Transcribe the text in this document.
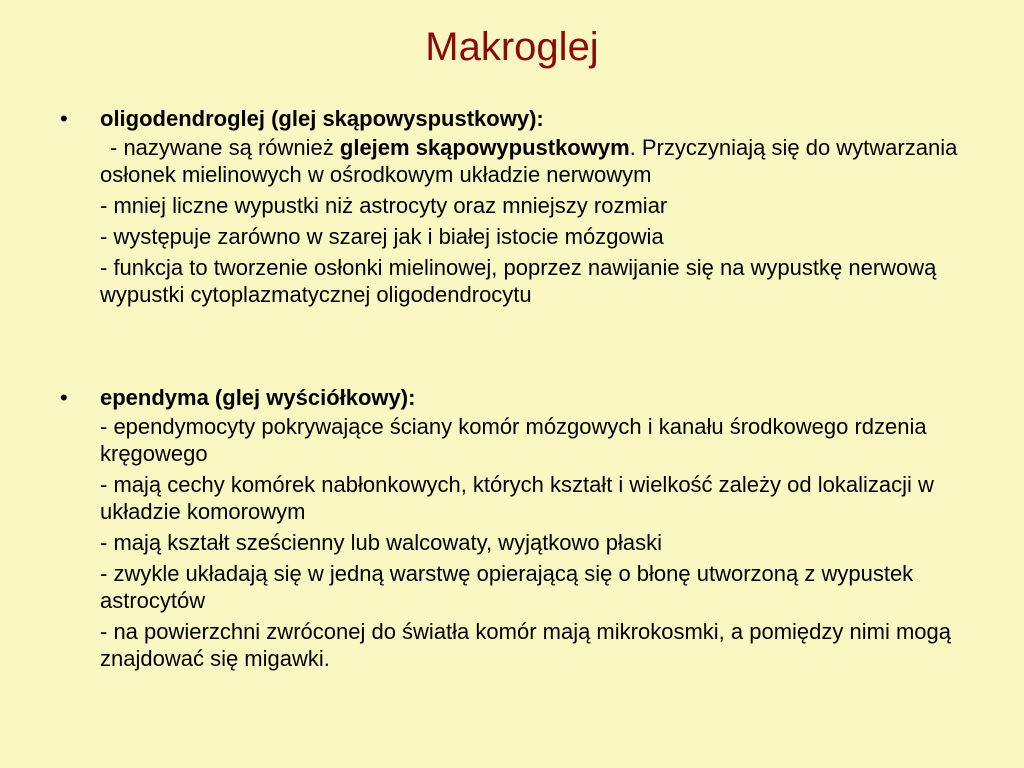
Makroglej
• oligodendroglej (glej skąpowyspustkowy):
- nazywane są również glejem skąpowypustkowym. Przyczyniają się do wytwarzania osłonek mielinowych w ośrodkowym układzie nerwowym
- mniej liczne wypustki niż astrocyty oraz mniejszy rozmiar
- występuje zarówno w szarej jak i białej istocie mózgowia
- funkcja to tworzenie osłonki mielinowej, poprzez nawijanie się na wypustkę nerwową wypustki cytoplazmatycznej oligodendrocytu
• ependyma (glej wyściółkowy):
- ependymocyty pokrywające ściany komór mózgowych i kanału środkowego rdzenia kręgowego
- mają cechy komórek nabłonkowych, których kształt i wielkość zależy od lokalizacji w układzie komorowym
- mają kształt sześcienny lub walcowaty, wyjątkowo płaski
- zwykle układają się w jedną warstwę opierającą się o błonę utworzoną z wypustek astrocytów
- na powierzchni zwróconej do światła komór mają mikrokosmki, a pomiędzy nimi mogą znajdować się migawki.
